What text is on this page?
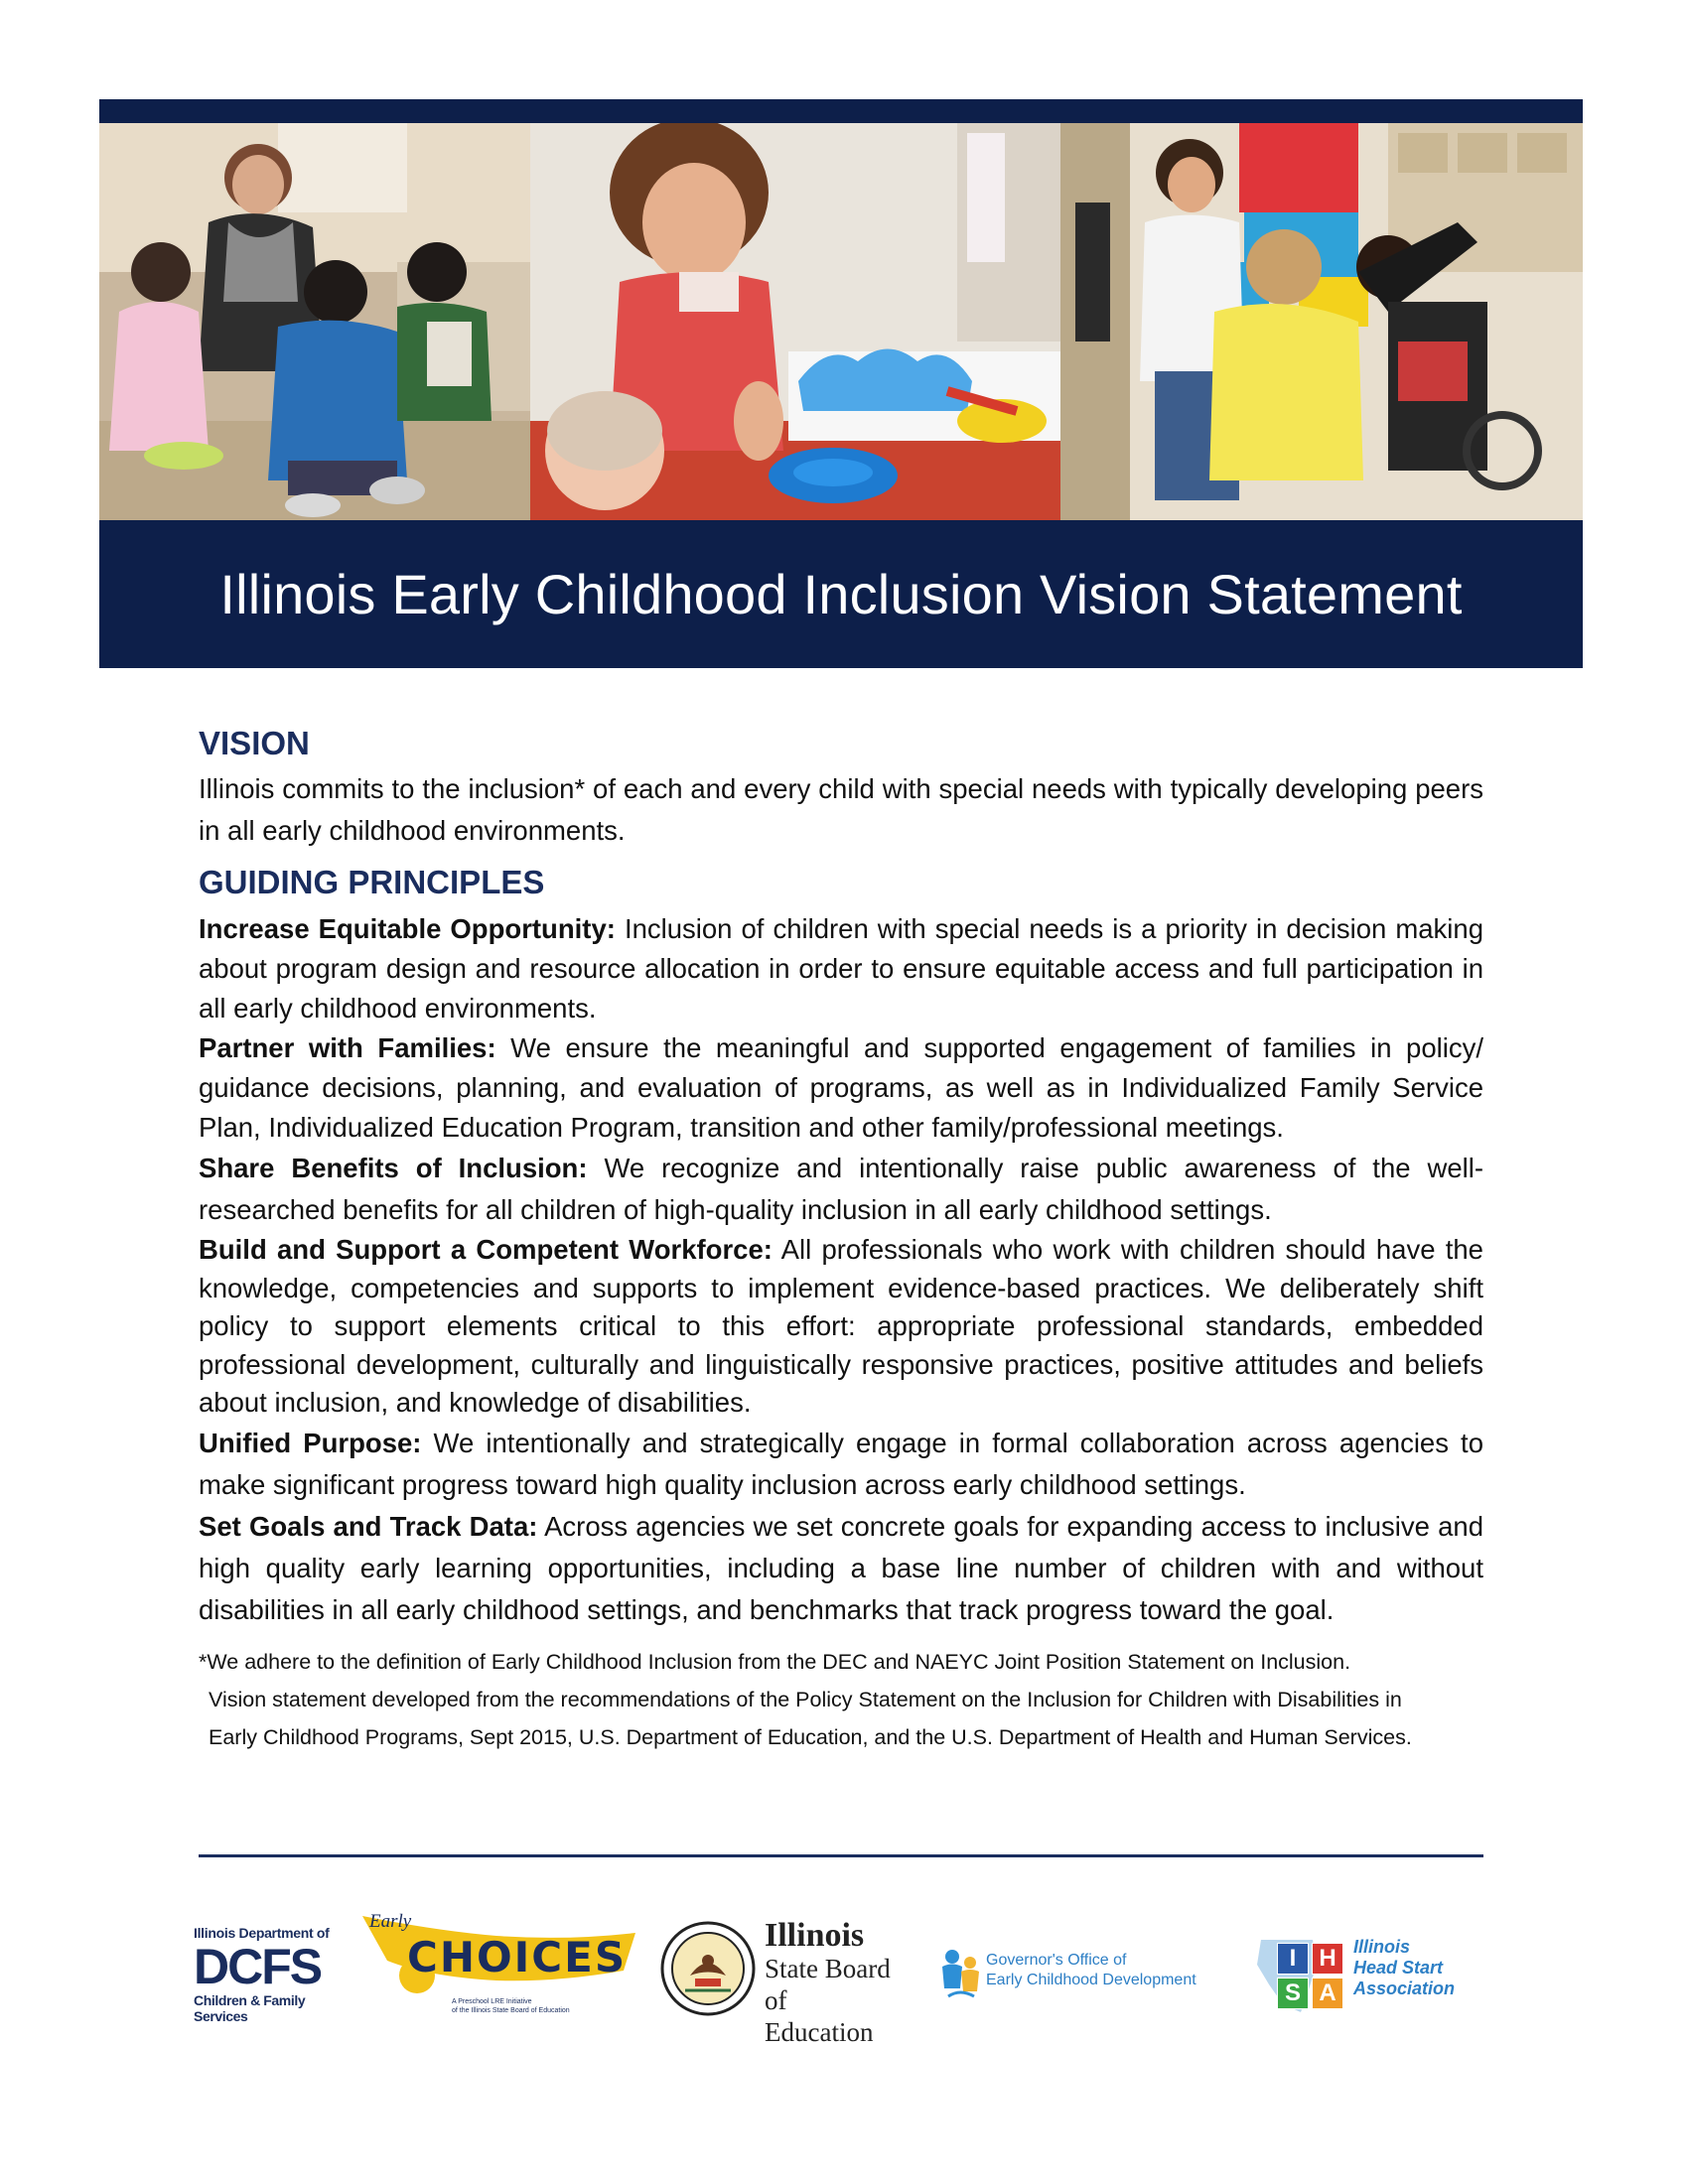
Illinois Early Childhood Inclusion Vision Statement
VISION

Illinois commits to the inclusion* of each and every child with special needs with typically developing peers in all early childhood environments.

GUIDING PRINCIPLES

Increase Equitable Opportunity: Inclusion of children with special needs is a priority in decision making about program design and resource allocation in order to ensure equitable access and full participation in all early childhood environments.

Partner with Families: We ensure the meaningful and supported engagement of families in policy/ guidance decisions, planning, and evaluation of programs, as well as in Individualized Family Service Plan, Individualized Education Program, transition and other family/professional meetings.

Share Benefits of Inclusion: We recognize and intentionally raise public awareness of the well-researched benefits for all children of high-quality inclusion in all early childhood settings.

Build and Support a Competent Workforce: All professionals who work with children should have the knowledge, competencies and supports to implement evidence-based practices. We deliberately shift policy to support elements critical to this effort: appropriate professional standards, embedded professional development, culturally and linguistically responsive practices, positive attitudes and beliefs about inclusion, and knowledge of disabilities.

Unified Purpose: We intentionally and strategically engage in formal collaboration across agencies to make significant progress toward high quality inclusion across early childhood settings.

Set Goals and Track Data: Across agencies we set concrete goals for expanding access to inclusive and high quality early learning opportunities, including a base line number of children with and without disabilities in all early childhood settings, and benchmarks that track progress toward the goal.

*We adhere to the definition of Early Childhood Inclusion from the DEC and NAEYC Joint Position Statement on Inclusion.

Vision statement developed from the recommendations of the Policy Statement on the Inclusion for Children with Disabilities in

Early Childhood Programs, Sept 2015, U.S. Department of Education, and the U.S. Department of Health and Human Services.

Illinois Department of
DCFS
Children & Family Services
Early
CHOICES
A Preschool LRE Initiative
of the Illinois State Board of Education
Illinois
State Board of
Education
Governor's Office of
Early Childhood Development
I H
S A
Illinois
Head Start
Association
